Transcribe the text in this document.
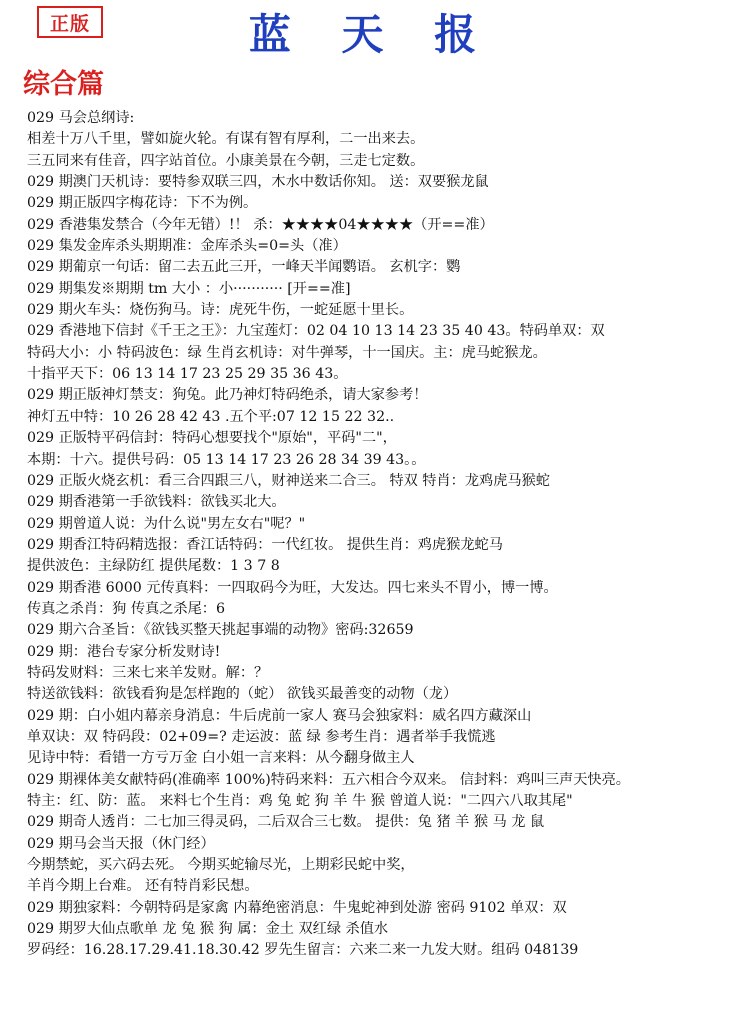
正版	蓝 天 报
综合篇
029 马会总纲诗:
相差十万八千里，譬如旋火轮。有谋有智有厚利，二一出来去。
三五同来有佳音，四字站首位。小康美景在今朝，三走七定数。
029 期澳门天机诗：要特参双联三四，木水中数话你知。 送：双要猴龙鼠
029 期正版四字梅花诗：下不为例。
029 香港集发禁合（今年无错）!！ 杀：★★★★04★★★★（开==准）
029 集发金库杀头期期准：金库杀头=0=头（准）
029 期葡京一句话：留二去五此三开，一峰天半闻鹦语。 玄机字：鹦
029 期集发※期期 tm 大小 ：小··········· [开==准]
029 期火车头：烧伤狗马。诗：虎死牛伤，一蛇延愿十里长。
029 香港地下信封《千王之王》：九宝莲灯：02 04 10 13 14 23 35 40 43。特码单双：双
特码大小：小 特码波色：绿 生肖玄机诗：对牛弹琴，十一国庆。主：虎马蛇猴龙。
十指平天下：06 13 14 17 23 25 29 35 36 43。
029 期正版神灯禁支：狗兔。此乃神灯特码绝杀，请大家参考！
神灯五中特：10 26 28 42 43 .五个平:07 12 15 22 32..
029 正版特平码信封：特码心想要找个"原始"，平码"二"，
本期：十六。提供号码：05 13 14 17 23 26 28 34 39 43。。
029 正版火烧玄机：看三合四跟三八，财神送来二合三。 特双 特肖：龙鸡虎马猴蛇
029 期香港第一手欲钱料：欲钱买北大。
029 期曾道人说：为什么说"男左女右"呢？"
029 期香江特码精选报：香江话特码：一代红妆。 提供生肖：鸡虎猴龙蛇马
提供波色：主绿防红 提供尾数：1 3 7 8
029 期香港 6000 元传真料：一四取码今为旺，大发达。四七来头不胃小，博一博。
传真之杀肖：狗 传真之杀尾：6
029 期六合圣旨：《欲钱买整天挑起事端的动物》密码:32659
029 期：港台专家分析发财诗!
特码发财料：三来七来羊发财。解：？
特送欲钱料：欲钱看狗是怎样跑的（蛇） 欲钱买最善变的动物（龙）
029 期：白小姐内幕亲身消息：牛后虎前一家人 赛马会独家料：威名四方藏深山
单双诀：双 特码段：02+09=? 走运波：蓝 绿 参考生肖：遇者举手我慌逃
见诗中特：看错一方亏万金 白小姐一言来料：从今翻身做主人
029 期裸体美女献特码(准确率 100%)特码来料：五六相合今双来。 信封料：鸡叫三声天快亮。
特主：红、防：蓝。 来料七个生肖：鸡 兔 蛇 狗 羊 牛 猴 曾道人说："二四六八取其尾"
029 期奇人透肖：二七加三得灵码，二后双合三七数。 提供：兔 猪 羊 猴 马 龙 鼠
029 期马会当天报（休门经）
今期禁蛇，买六码去死。 今期买蛇输尽光，上期彩民蛇中奖，
羊肖今期上台难。 还有特肖彩民想。
029 期独家料：今朝特码是家禽 内幕绝密消息：牛鬼蛇神到处游 密码 9102 单双：双
029 期罗大仙点歌单 龙 兔 猴 狗 属：金土 双红绿 杀值水
罗码经：16.28.17.29.41.18.30.42 罗先生留言：六来二来一九发大财。组码 048139
